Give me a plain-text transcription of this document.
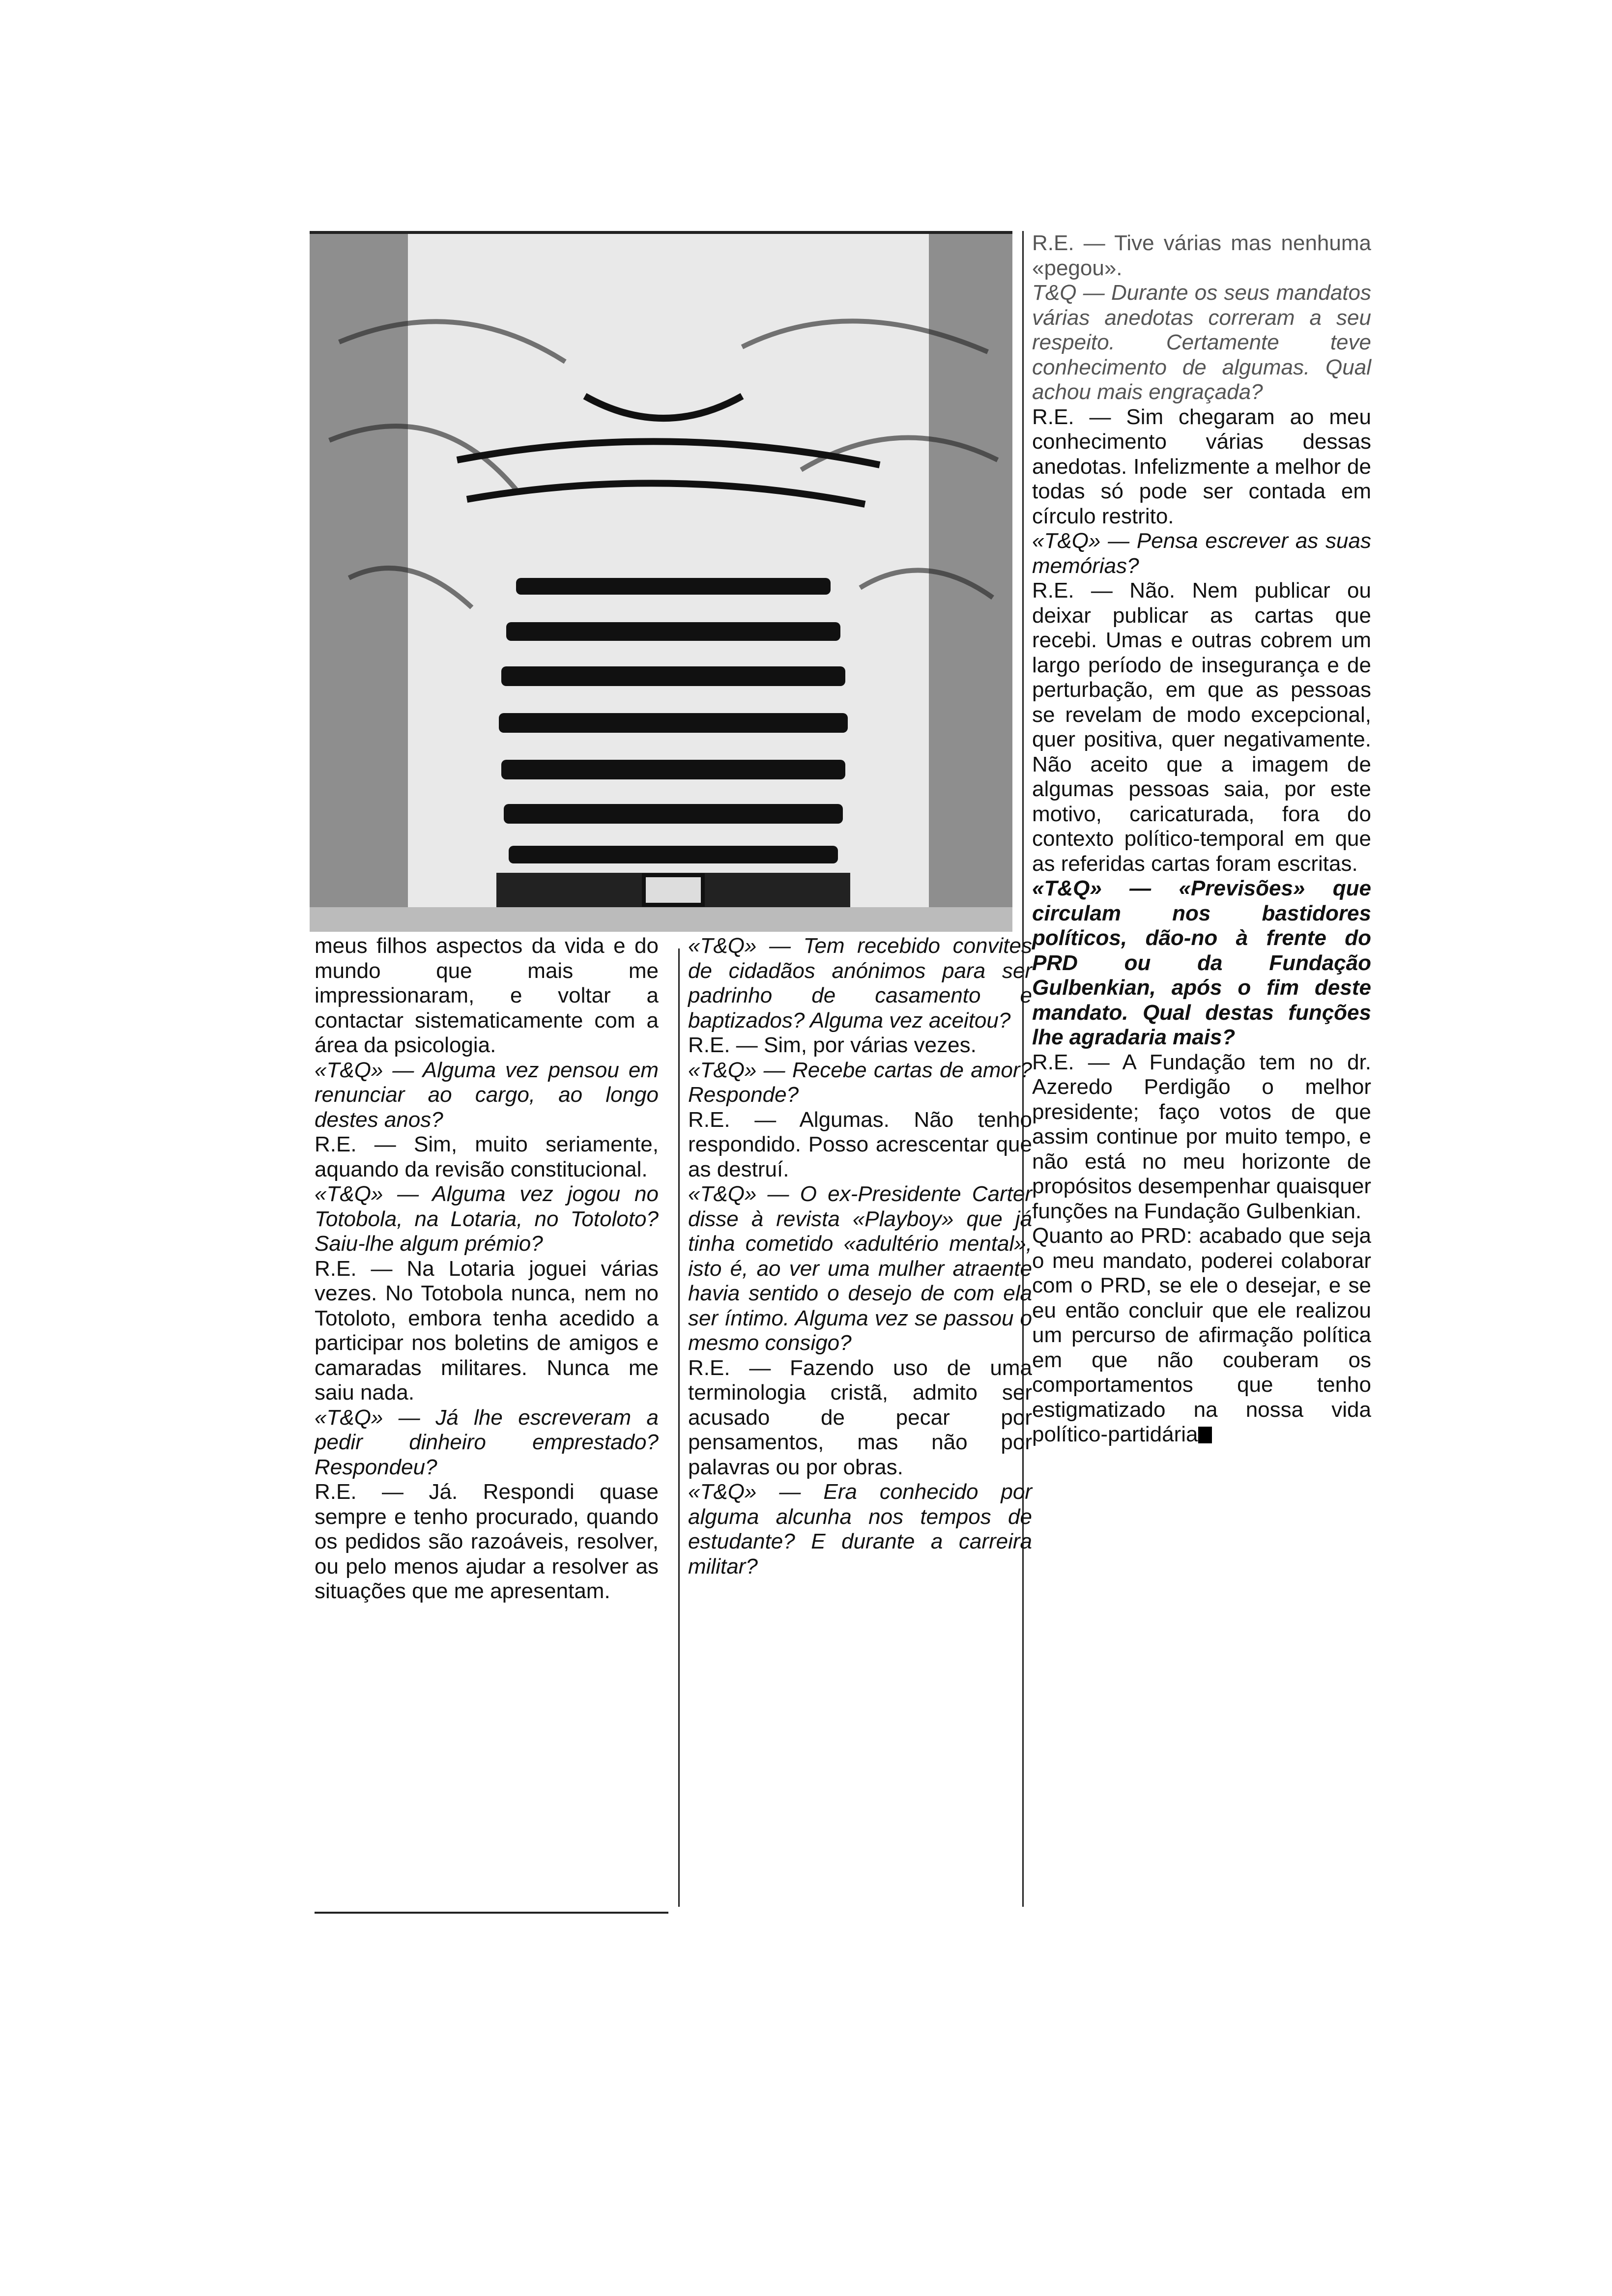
meus filhos aspectos da vida e do mundo que mais me impressionaram, e voltar a contactar sistematicamente com a área da psicologia.

«T&Q» — Alguma vez pensou em renunciar ao cargo, ao longo destes anos?

R.E. — Sim, muito seriamente, aquando da revisão constitucional.

«T&Q» — Alguma vez jogou no Totobola, na Lotaria, no Totoloto? Saiu-lhe algum prémio?

R.E. — Na Lotaria joguei várias vezes. No Totobola nunca, nem no Totoloto, embora tenha acedido a participar nos boletins de amigos e camaradas militares. Nunca me saiu nada.

«T&Q» — Já lhe escreveram a pedir dinheiro emprestado? Respondeu?

R.E. — Já. Respondi quase sempre e tenho procurado, quando os pedidos são razoáveis, resolver, ou pelo menos ajudar a resolver as situações que me apresentam.

«T&Q» — Tem recebido convites de cidadãos anónimos para ser padrinho de casamento e baptizados? Alguma vez aceitou?

R.E. — Sim, por várias vezes.

«T&Q» — Recebe cartas de amor? Responde?

R.E. — Algumas. Não tenho respondido. Posso acrescentar que as destruí.

«T&Q» — O ex-Presidente Carter disse à revista «Playboy» que já tinha cometido «adultério mental», isto é, ao ver uma mulher atraente havia sentido o desejo de com ela ser íntimo. Alguma vez se passou o mesmo consigo?

R.E. — Fazendo uso de uma terminologia cristã, admito ser acusado de pecar por pensamentos, mas não por palavras ou por obras.

«T&Q» — Era conhecido por alguma alcunha nos tempos de estudante? E durante a carreira militar?

R.E. — Tive várias mas nenhuma «pegou».

T&Q — Durante os seus mandatos várias anedotas correram a seu respeito. Certamente teve conhecimento de algumas. Qual achou mais engraçada?

R.E. — Sim chegaram ao meu conhecimento várias dessas anedotas. Infelizmente a melhor de todas só pode ser contada em círculo restrito.

«T&Q» — Pensa escrever as suas memórias?

R.E. — Não. Nem publicar ou deixar publicar as cartas que recebi. Umas e outras cobrem um largo período de insegurança e de perturbação, em que as pessoas se revelam de modo excepcional, quer positiva, quer negativamente. Não aceito que a imagem de algumas pessoas saia, por este motivo, caricaturada, fora do contexto político-temporal em que as referidas cartas foram escritas.

«T&Q» — «Previsões» que circulam nos bastidores políticos, dão-no à frente do PRD ou da Fundação Gulbenkian, após o fim deste mandato. Qual destas funções lhe agradaria mais?

R.E. — A Fundação tem no dr. Azeredo Perdigão o melhor presidente; faço votos de que assim continue por muito tempo, e não está no meu horizonte de propósitos desempenhar quaisquer funções na Fundação Gulbenkian.

Quanto ao PRD: acabado que seja o meu mandato, poderei colaborar com o PRD, se ele o desejar, e se eu então concluir que ele realizou um percurso de afirmação política em que não couberam os comportamentos que tenho estigmatizado na nossa vida político-partidária
